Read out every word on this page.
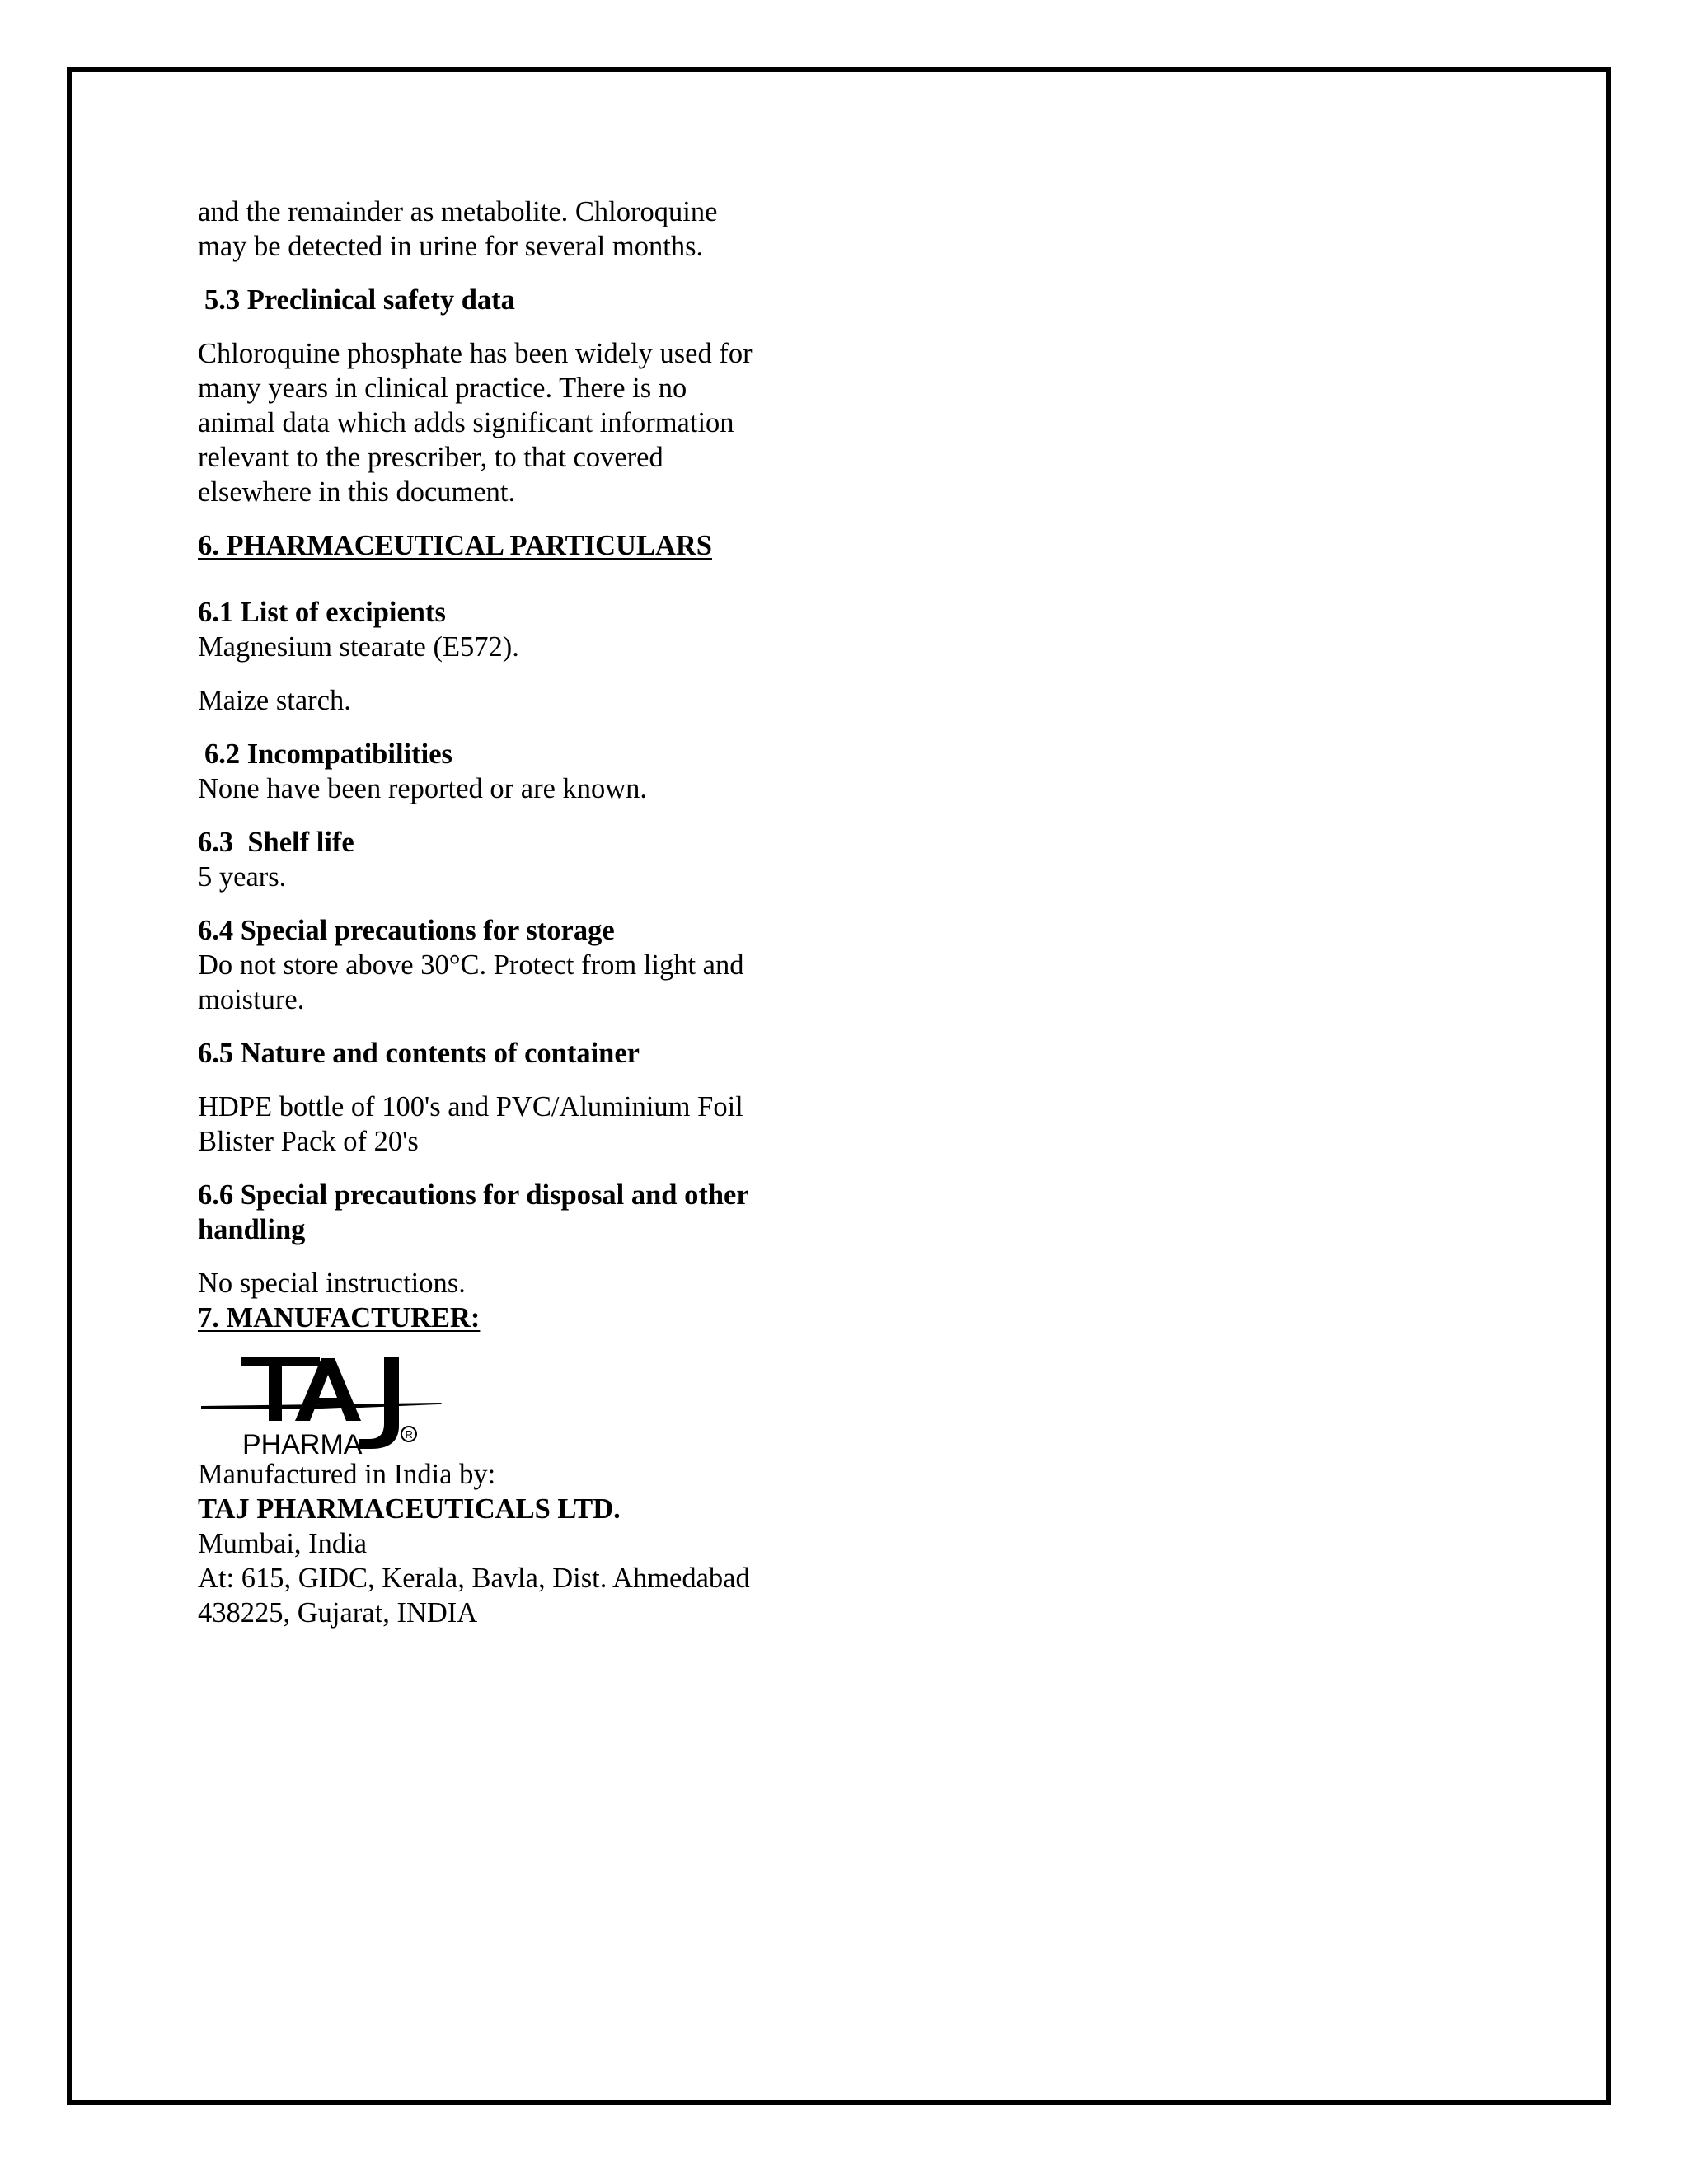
and the remainder as metabolite. Chloroquine

may be detected in urine for several months.

5.3 Preclinical safety data

Chloroquine phosphate has been widely used for

many years in clinical practice. There is no

animal data which adds significant information

relevant to the prescriber, to that covered

elsewhere in this document.

6. PHARMACEUTICAL PARTICULARS

6.1 List of excipients

Magnesium stearate (E572).

Maize starch.

6.2 Incompatibilities

None have been reported or are known.

6.3  Shelf life

5 years.

6.4 Special precautions for storage

Do not store above 30°C. Protect from light and

moisture.

6.5 Nature and contents of container

HDPE bottle of 100's and PVC/Aluminium Foil

Blister Pack of 20's

6.6 Special precautions for disposal and other

handling

No special instructions.

7. MANUFACTURER:

PHARMA	R

Manufactured in India by:

TAJ PHARMACEUTICALS LTD.

Mumbai, India

At: 615, GIDC, Kerala, Bavla, Dist. Ahmedabad

438225, Gujarat, INDIA
